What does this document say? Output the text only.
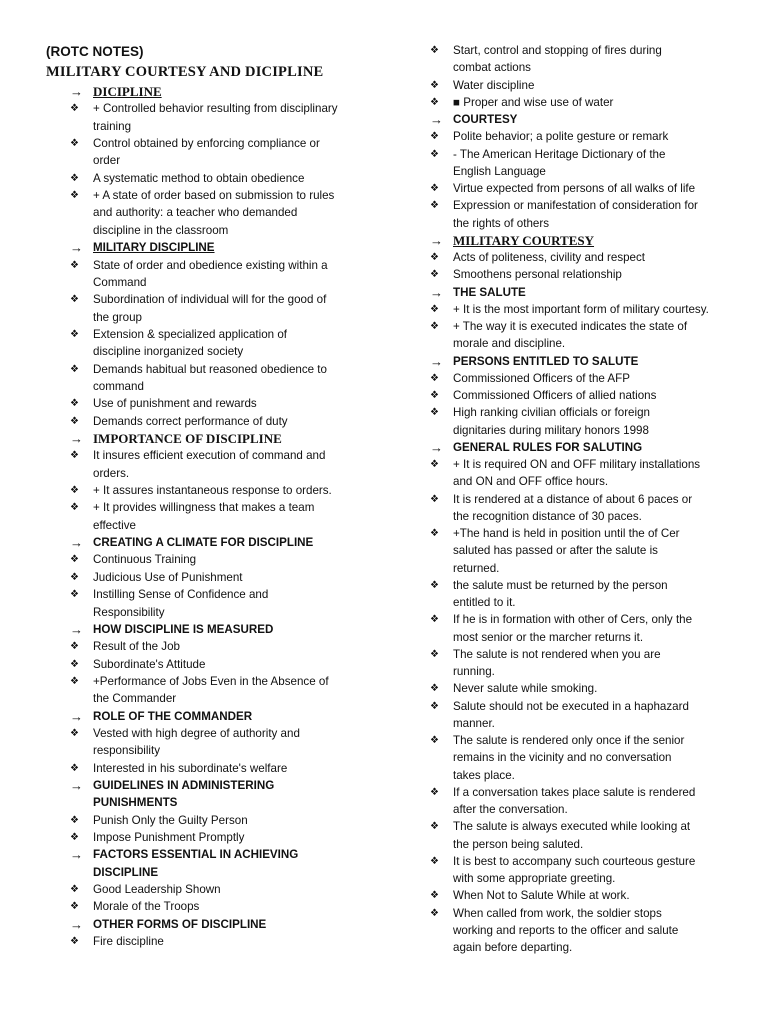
(ROTC NOTES)
MILITARY COURTESY AND DICIPLINE
→ DICIPLINE
❖ + Controlled behavior resulting from disciplinary
training
❖ Control obtained by enforcing compliance or
order
❖ A systematic method to obtain obedience
❖ + A state of order based on submission to rules
and authority: a teacher who demanded
discipline in the classroom
→ MILITARY DISCIPLINE
❖ State of order and obedience existing within a
Command
❖ Subordination of individual will for the good of
the group
❖ Extension & specialized application of
discipline inorganized society
❖ Demands habitual but reasoned obedience to
command
❖ Use of punishment and rewards
❖ Demands correct performance of duty
→ IMPORTANCE OF DISCIPLINE
❖ It insures efficient execution of command and
orders.
❖ + It assures instantaneous response to orders.
❖ + It provides willingness that makes a team
effective
→ CREATING A CLIMATE FOR DISCIPLINE
❖ Continuous Training
❖ Judicious Use of Punishment
❖ Instilling Sense of Confidence and
Responsibility
→ HOW DISCIPLINE IS MEASURED
❖ Result of the Job
❖ Subordinate's Attitude
❖ +Performance of Jobs Even in the Absence of
the Commander
→ ROLE OF THE COMMANDER
❖ Vested with high degree of authority and
responsibility
❖ Interested in his subordinate's welfare
→ GUIDELINES IN ADMINISTERING
PUNISHMENTS
❖ Punish Only the Guilty Person
❖ Impose Punishment Promptly
→ FACTORS ESSENTIAL IN ACHIEVING
DISCIPLINE
❖ Good Leadership Shown
❖ Morale of the Troops
→ OTHER FORMS OF DISCIPLINE
❖ Fire discipline
❖ Start, control and stopping of fires during
combat actions
❖ Water discipline
❖ ■ Proper and wise use of water
→ COURTESY
❖ Polite behavior; a polite gesture or remark
❖ - The American Heritage Dictionary of the
English Language
❖ Virtue expected from persons of all walks of life
❖ Expression or manifestation of consideration for
the rights of others
→ MILITARY COURTESY
❖ Acts of politeness, civility and respect
❖ Smoothens personal relationship
→ THE SALUTE
❖ + It is the most important form of military courtesy.
❖ + The way it is executed indicates the state of
morale and discipline.
→ PERSONS ENTITLED TO SALUTE
❖ Commissioned Officers of the AFP
❖ Commissioned Officers of allied nations
❖ High ranking civilian officials or foreign
dignitaries during military honors 1998
→ GENERAL RULES FOR SALUTING
❖ + It is required ON and OFF military installations
and ON and OFF office hours.
❖ It is rendered at a distance of about 6 paces or
the recognition distance of 30 paces.
❖ +The hand is held in position until the of Cer
saluted has passed or after the salute is
returned.
❖ the salute must be returned by the person
entitled to it.
❖ If he is in formation with other of Cers, only the
most senior or the marcher returns it.
❖ The salute is not rendered when you are
running.
❖ Never salute while smoking.
❖ Salute should not be executed in a haphazard
manner.
❖ The salute is rendered only once if the senior
remains in the vicinity and no conversation
takes place.
❖ If a conversation takes place salute is rendered
after the conversation.
❖ The salute is always executed while looking at
the person being saluted.
❖ It is best to accompany such courteous gesture
with some appropriate greeting.
❖ When Not to Salute While at work.
❖ When called from work, the soldier stops
working and reports to the officer and salute
again before departing.
